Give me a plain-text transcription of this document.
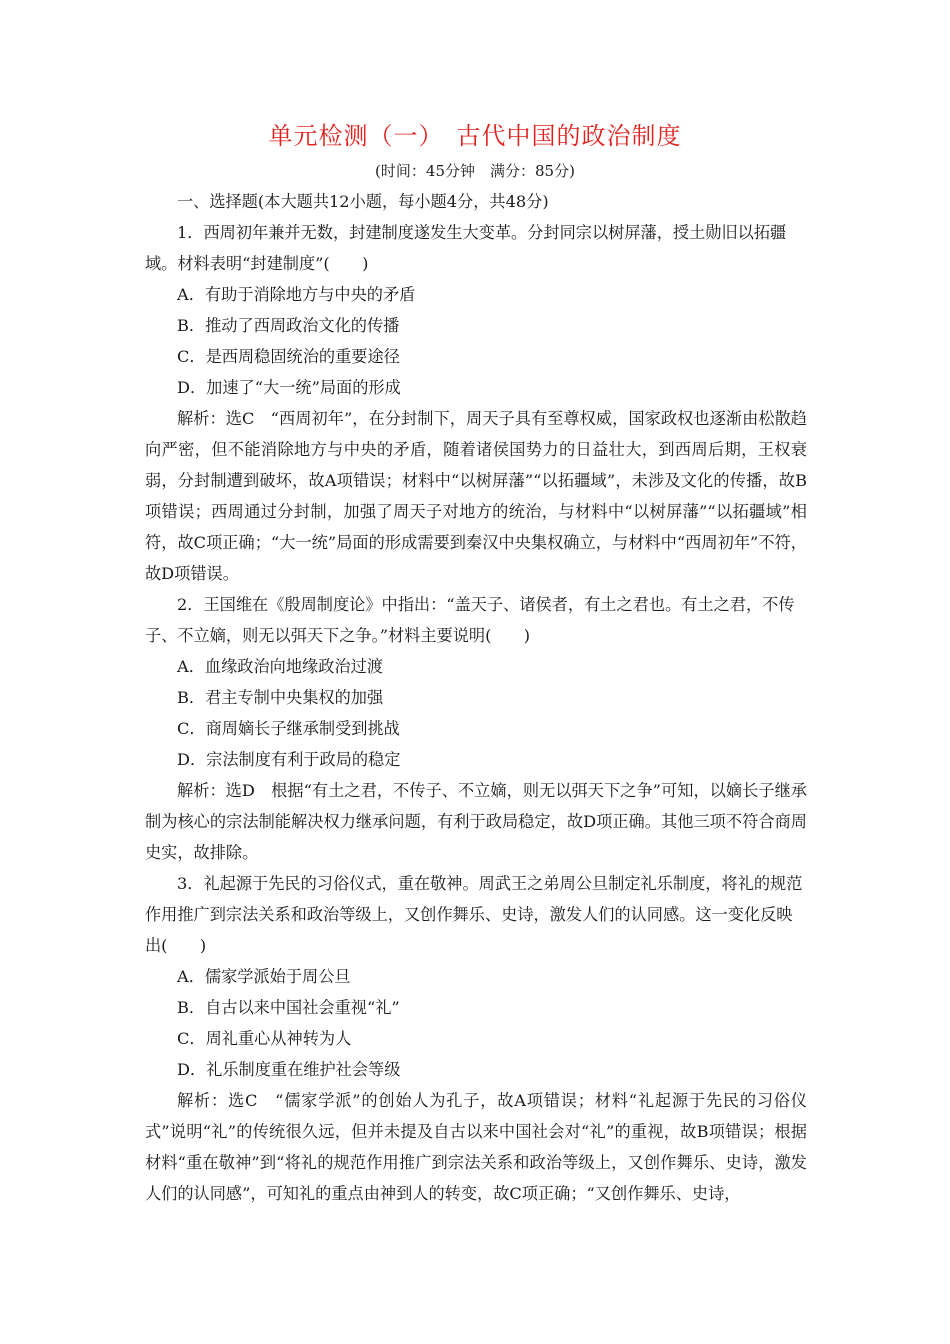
单元检测（一）　古代中国的政治制度
(时间：45分钟　满分：85分)

一、选择题(本大题共12小题，每小题4分，共48分)

1．西周初年兼并无数，封建制度遂发生大变革。分封同宗以树屏藩，授土勋旧以拓疆域。材料表明“封建制度”(　　)

A．有助于消除地方与中央的矛盾

B．推动了西周政治文化的传播

C．是西周稳固统治的重要途径

D．加速了“大一统”局面的形成

解析：选C　“西周初年”，在分封制下，周天子具有至尊权威，国家政权也逐渐由松散趋向严密，但不能消除地方与中央的矛盾，随着诸侯国势力的日益壮大，到西周后期，王权衰弱，分封制遭到破坏，故A项错误；材料中“以树屏藩”“以拓疆域”，未涉及文化的传播，故B项错误；西周通过分封制，加强了周天子对地方的统治，与材料中“以树屏藩”“以拓疆域”相符，故C项正确；“大一统”局面的形成需要到秦汉中央集权确立，与材料中“西周初年”不符，故D项错误。

2．王国维在《殷周制度论》中指出：“盖天子、诸侯者，有土之君也。有土之君，不传子、不立嫡，则无以弭天下之争。”材料主要说明(　　)

A．血缘政治向地缘政治过渡

B．君主专制中央集权的加强

C．商周嫡长子继承制受到挑战

D．宗法制度有利于政局的稳定

解析：选D　根据“有土之君，不传子、不立嫡，则无以弭天下之争”可知，以嫡长子继承制为核心的宗法制能解决权力继承问题，有利于政局稳定，故D项正确。其他三项不符合商周史实，故排除。

3．礼起源于先民的习俗仪式，重在敬神。周武王之弟周公旦制定礼乐制度，将礼的规范作用推广到宗法关系和政治等级上，又创作舞乐、史诗，激发人们的认同感。这一变化反映出(　　)

A．儒家学派始于周公旦

B．自古以来中国社会重视“礼”

C．周礼重心从神转为人

D．礼乐制度重在维护社会等级

解析：选C　“儒家学派”的创始人为孔子，故A项错误；材料“礼起源于先民的习俗仪式”说明“礼”的传统很久远，但并未提及自古以来中国社会对“礼”的重视，故B项错误；根据材料“重在敬神”到“将礼的规范作用推广到宗法关系和政治等级上，又创作舞乐、史诗，激发人们的认同感”，可知礼的重点由神到人的转变，故C项正确；“又创作舞乐、史诗，
